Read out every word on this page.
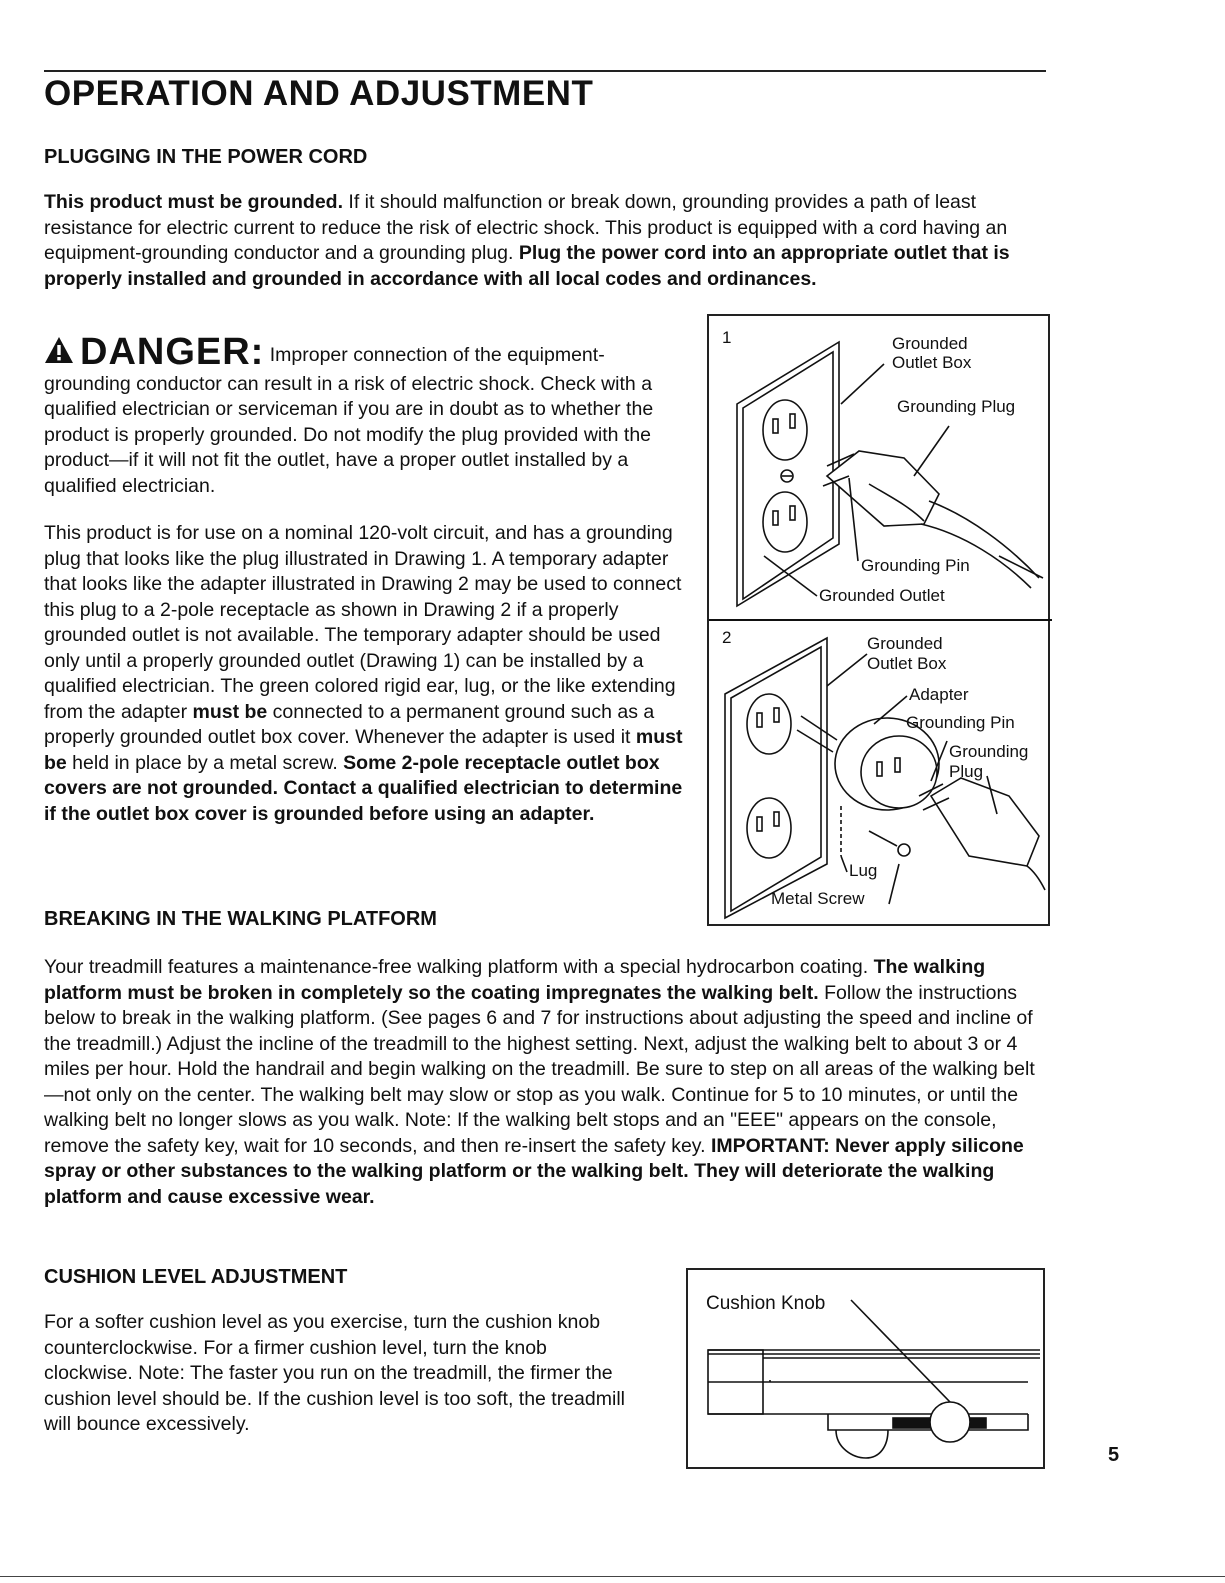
OPERATION AND ADJUSTMENT
PLUGGING IN THE POWER CORD
This product must be grounded. If it should malfunction or break down, grounding provides a path of least resistance for electric current to reduce the risk of electric shock. This product is equipped with a cord having an equipment-grounding conductor and a grounding plug. Plug the power cord into an appropriate outlet that is properly installed and grounded in accordance with all local codes and ordinances.
DANGER: Improper connection of the equipment-grounding conductor can result in a risk of electric shock. Check with a qualified electrician or serviceman if you are in doubt as to whether the product is properly grounded. Do not modify the plug provided with the product—if it will not fit the outlet, have a proper outlet installed by a qualified electrician.
This product is for use on a nominal 120-volt circuit, and has a grounding plug that looks like the plug illustrated in Drawing 1. A temporary adapter that looks like the adapter illustrated in Drawing 2 may be used to connect this plug to a 2-pole receptacle as shown in Drawing 2 if a properly grounded outlet is not available. The temporary adapter should be used only until a properly grounded outlet (Drawing 1) can be installed by a qualified electrician. The green colored rigid ear, lug, or the like extending from the adapter must be connected to a permanent ground such as a properly grounded outlet box cover. Whenever the adapter is used it must be held in place by a metal screw. Some 2-pole receptacle outlet box covers are not grounded. Contact a qualified electrician to determine if the outlet box cover is grounded before using an adapter.
1	Grounded
Outlet Box
Grounding Plug
Grounding Pin
Grounded Outlet
2	Grounded
Outlet Box
Adapter
Grounding Pin
Grounding
Plug
Lug
Metal Screw
BREAKING IN THE WALKING PLATFORM
Your treadmill features a maintenance-free walking platform with a special hydrocarbon coating. The walking platform must be broken in completely so the coating impregnates the walking belt. Follow the instructions below to break in the walking platform. (See pages 6 and 7 for instructions about adjusting the speed and incline of the treadmill.) Adjust the incline of the treadmill to the highest setting. Next, adjust the walking belt to about 3 or 4 miles per hour. Hold the handrail and begin walking on the treadmill. Be sure to step on all areas of the walking belt—not only on the center. The walking belt may slow or stop as you walk. Continue for 5 to 10 minutes, or until the walking belt no longer slows as you walk. Note: If the walking belt stops and an "EEE" appears on the console, remove the safety key, wait for 10 seconds, and then re-insert the safety key. IMPORTANT: Never apply silicone spray or other substances to the walking platform or the walking belt. They will deteriorate the walking platform and cause excessive wear.
CUSHION LEVEL ADJUSTMENT
For a softer cushion level as you exercise, turn the cushion knob counterclockwise. For a firmer cushion level, turn the knob clockwise. Note: The faster you run on the treadmill, the firmer the cushion level should be. If the cushion level is too soft, the treadmill will bounce excessively.
Cushion Knob
5
